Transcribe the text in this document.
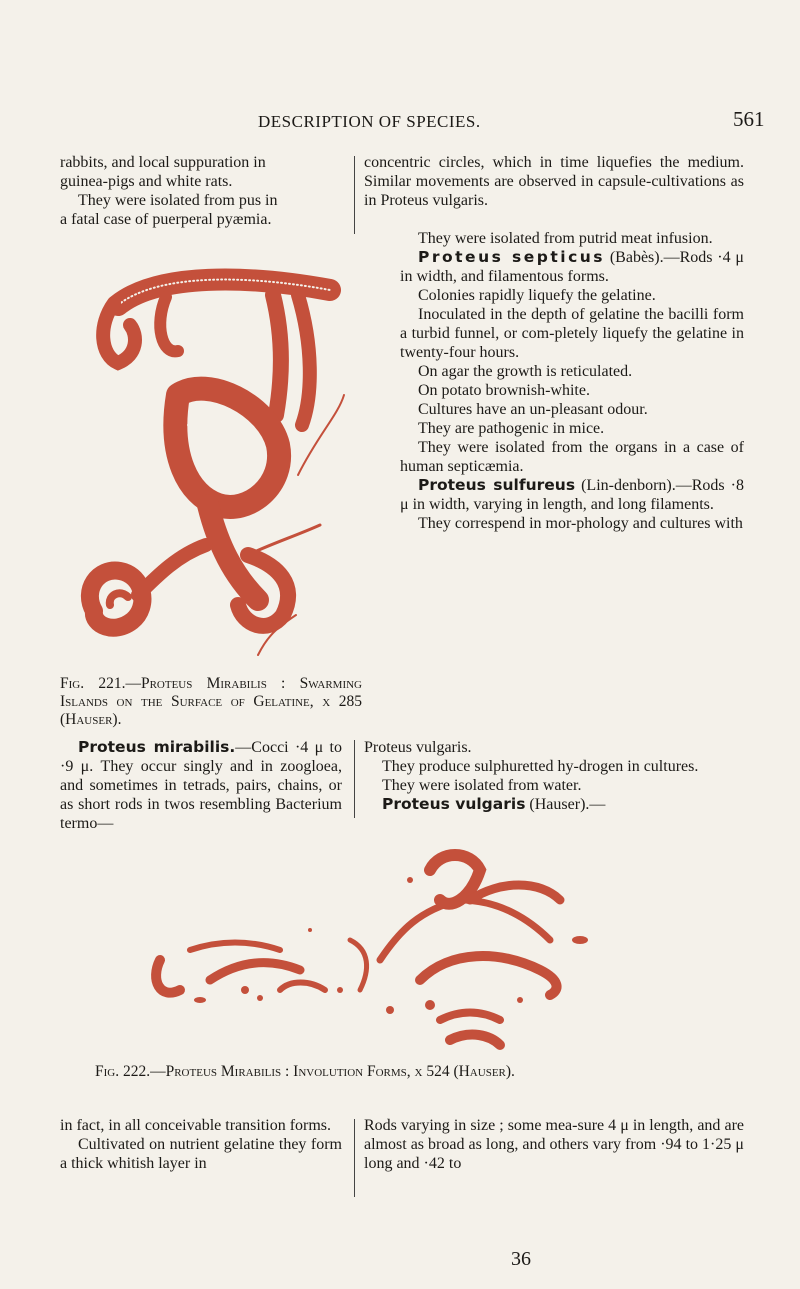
DESCRIPTION OF SPECIES.	561

rabbits, and local suppuration in

guinea-pigs and white rats.

They were isolated from pus in

a fatal case of puerperal pyæmia.

concentric circles, which in time liquefies the medium. Similar movements are observed in capsule-cultivations as in Proteus vulgaris.

They were isolated from putrid meat infusion.

Proteus septicus (Babès).—Rods ·4 μ in width, and filamentous forms.

Colonies rapidly liquefy the gelatine.

Inoculated in the depth of gelatine the bacilli form a turbid funnel, or com-pletely liquefy the gelatine in twenty-four hours.

On agar the growth is reticulated.

On potato brownish-white.

Cultures have an un-pleasant odour.

They are pathogenic in mice.

They were isolated from the organs in a case of human septicæmia.

Proteus sulfureus (Lin-denborn).—Rods ·8 μ in width, varying in length, and long filaments.

They correspend in mor-phology and cultures with

Fig. 221.—Proteus Mirabilis : Swarming Islands on the Surface of Gelatine, x 285 (Hauser).

Proteus mirabilis.—Cocci ·4 μ to ·9 μ. They occur singly and in zoogloea, and sometimes in tetrads, pairs, chains, or as short rods in twos resembling Bacterium termo—

Proteus vulgaris.

They produce sulphuretted hy-drogen in cultures.

They were isolated from water.

Proteus vulgaris (Hauser).—

Fig. 222.—Proteus Mirabilis : Involution Forms, x 524 (Hauser).

in fact, in all conceivable transition forms.

Cultivated on nutrient gelatine they form a thick whitish layer in

Rods varying in size ; some mea-sure 4 μ in length, and are almost as broad as long, and others vary from ·94 to 1·25 μ long and ·42 to

36
